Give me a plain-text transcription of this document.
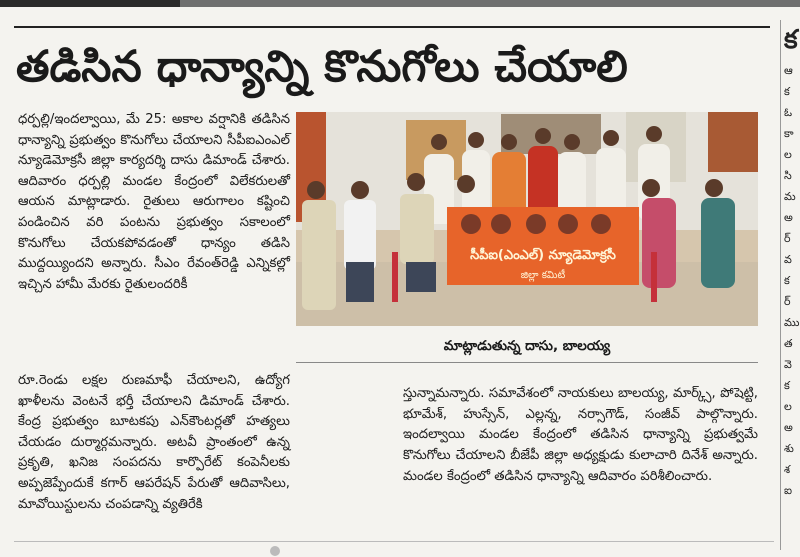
తడిసిన ధాన్యాన్ని కొనుగోలు చేయాలి

ధర్పల్లి/ఇందల్వాయి, మే 25: అకాల వర్షానికి తడిసిన ధాన్యాన్ని ప్రభుత్వం కొనుగోలు చేయాలని సీపీఐఎంఎల్ న్యూడెమోక్రసీ జిల్లా కార్యదర్శి దాసు డిమాండ్ చేశారు. ఆదివారం ధర్పల్లి మండల కేంద్రంలో విలేకరులతో ఆయన మాట్లాడారు. రైతులు ఆరుగాలం కష్టించి పండించిన వరి పంటను ప్రభుత్వం సకాలంలో కొనుగోలు చేయకపోవడంతో ధాన్యం తడిసి ముద్దయ్యిందని అన్నారు. సీఎం రేవంత్‌రెడ్డి ఎన్నికల్లో ఇచ్చిన హామీ మేరకు రైతులందరికీ

సీపీఐ(ఎంఎల్) న్యూడెమోక్రసీ
జిల్లా కమిటీ
మాట్లాడుతున్న దాసు, బాలయ్య

రూ.రెండు లక్షల రుణమాఫీ చేయాలని, ఉద్యోగ ఖాళీలను వెంటనే భర్తీ చేయాలని డిమాండ్ చేశారు. కేంద్ర ప్రభుత్వం బూటకపు ఎన్‌కౌంటర్లతో హత్యలు చేయడం దుర్మార్గమన్నారు. అటవీ ప్రాంతంలో ఉన్న ప్రకృతి, ఖనిజ సంపదను కార్పొరేట్ కంపెనీలకు అప్పజెప్పేందుకే కగార్ ఆపరేషన్ పేరుతో ఆదివాసిలు, మావోయిస్టులను చంపడాన్ని వ్యతిరేకి

స్తున్నామన్నారు. సమావేశంలో నాయకులు బాలయ్య, మార్క్స్, పోషెట్టి, భూమేశ్, హుస్సేన్, ఎల్లన్న, నర్సాగౌడ్, సంజీవ్ పాల్గొన్నారు. ఇందల్వాయి మండల కేంద్రంలో తడిసిన ధాన్యాన్ని ప్రభుత్వమే కొనుగోలు చేయాలని బీజేపీ జిల్లా అధ్యక్షుడు కులాచారి దినేశ్ అన్నారు. మండల కేంద్రంలో తడిసిన ధాన్యాన్ని ఆదివారం పరిశీలించారు.

క
ఆ
క
ఓ
కా
ల
సి
మ
అ
ర్
వ
క
ర్
ము
త
వె
క
ల
అ
శు
శ
ఐ
